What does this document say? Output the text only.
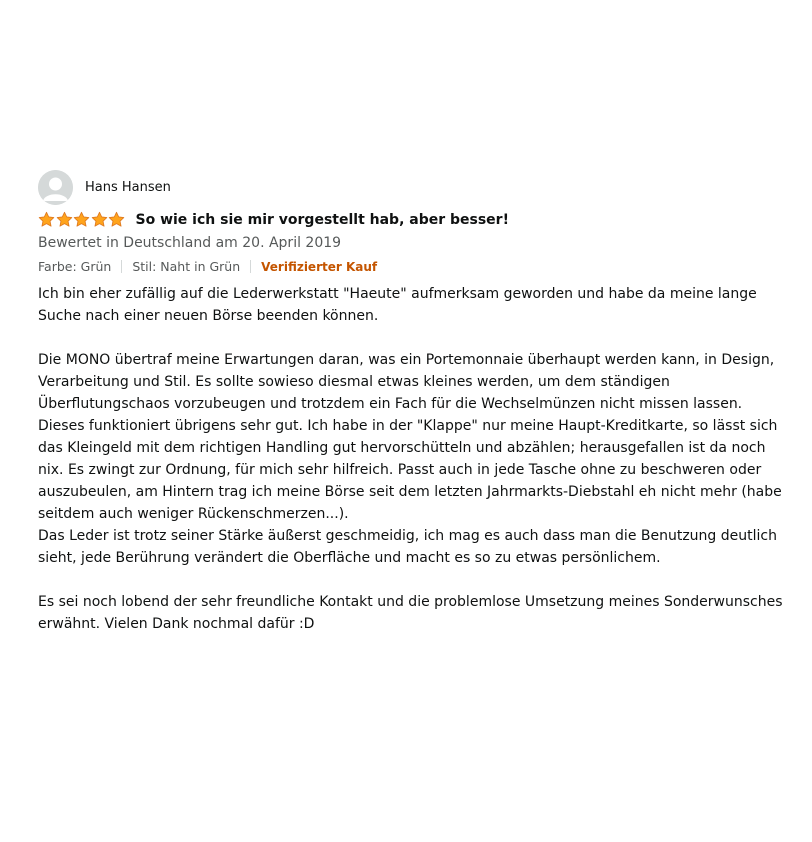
Hans Hansen
So wie ich sie mir vorgestellt hab, aber besser!
Bewertet in Deutschland am 20. April 2019
Farbe: Grün Stil: Naht in Grün Verifizierter Kauf

Ich bin eher zufällig auf die Lederwerkstatt "Haeute" aufmerksam geworden und habe da meine lange Suche nach einer neuen Börse beenden können.

Die MONO übertraf meine Erwartungen daran, was ein Portemonnaie überhaupt werden kann, in Design, Verarbeitung und Stil. Es sollte sowieso diesmal etwas kleines werden, um dem ständigen Überflutungschaos vorzubeugen und trotzdem ein Fach für die Wechselmünzen nicht missen lassen. Dieses funktioniert übrigens sehr gut. Ich habe in der "Klappe" nur meine Haupt-Kreditkarte, so lässt sich das Kleingeld mit dem richtigen Handling gut hervorschütteln und abzählen; herausgefallen ist da noch nix. Es zwingt zur Ordnung, für mich sehr hilfreich. Passt auch in jede Tasche ohne zu beschweren oder auszubeulen, am Hintern trag ich meine Börse seit dem letzten Jahrmarkts-Diebstahl eh nicht mehr (habe seitdem auch weniger Rückenschmerzen...).

Das Leder ist trotz seiner Stärke äußerst geschmeidig, ich mag es auch dass man die Benutzung deutlich sieht, jede Berührung verändert die Oberfläche und macht es so zu etwas persönlichem.

Es sei noch lobend der sehr freundliche Kontakt und die problemlose Umsetzung meines Sonderwunsches erwähnt. Vielen Dank nochmal dafür :D
